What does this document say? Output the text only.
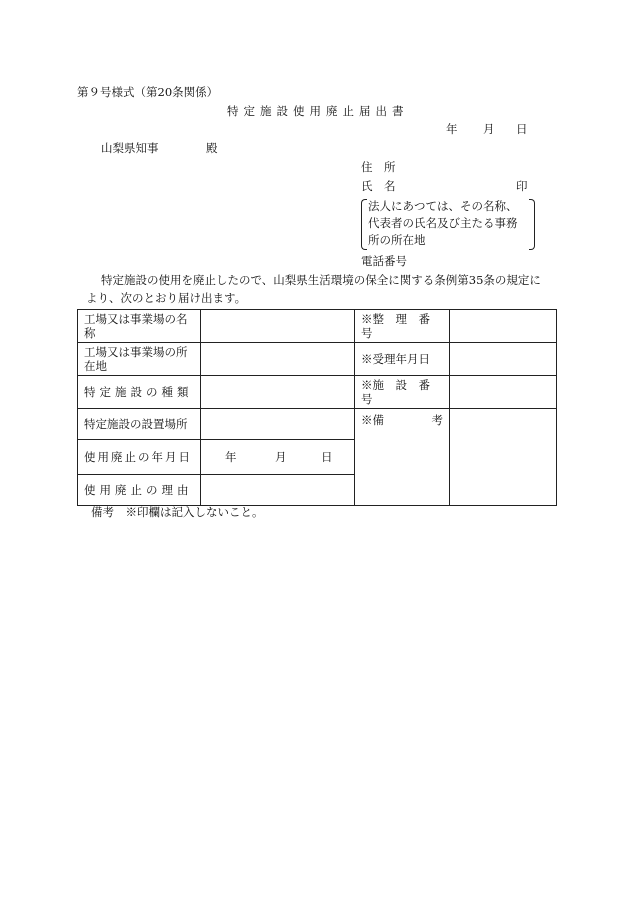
第９号様式（第20条関係）
特定施設使用廃止届出書
年 月 日
山梨県知事	殿
住　所
氏　名	印
法人にあつては、その名称、
代表者の氏名及び主たる事務
所の所在地
電話番号
特定施設の使用を廃止したので、山梨県生活環境の保全に関する条例第35条の規定に
より、次のとおり届け出ます。
工場又は事業場の名称		※整　理　番　号	
工場又は事業場の所在地		※受理年月日	
特定施設の種類		※施　設　番　号	
特定施設の設置場所		※備 考	

使用廃止の年月日	年 月 日		

使用廃止の理由			
備考　※印欄は記入しないこと。
